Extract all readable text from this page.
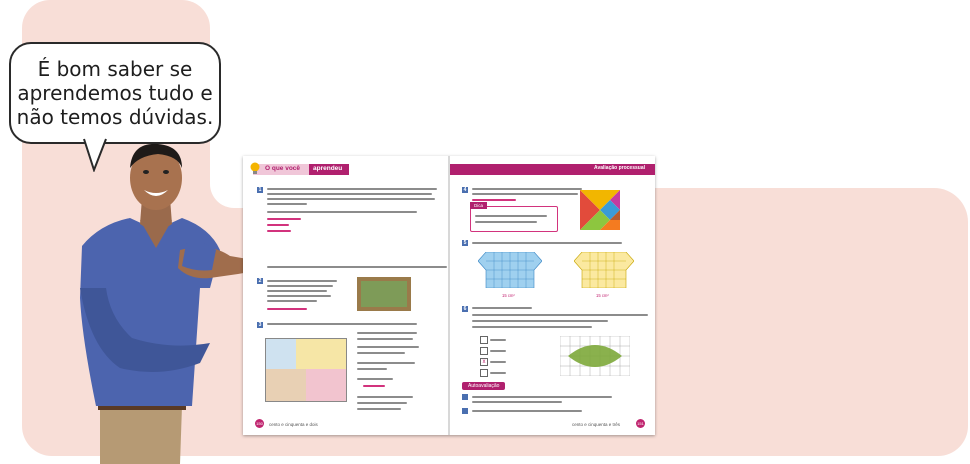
É bom saber se
aprendemos tudo e
não temos dúvidas.
O que você aprendeu
1
2
3
150 cento e cinquenta e dois
Avaliação processual
4
Dica
5
15 cm²	15 cm²
6
x
Autoavaliação
cento e cinquenta e três	151
